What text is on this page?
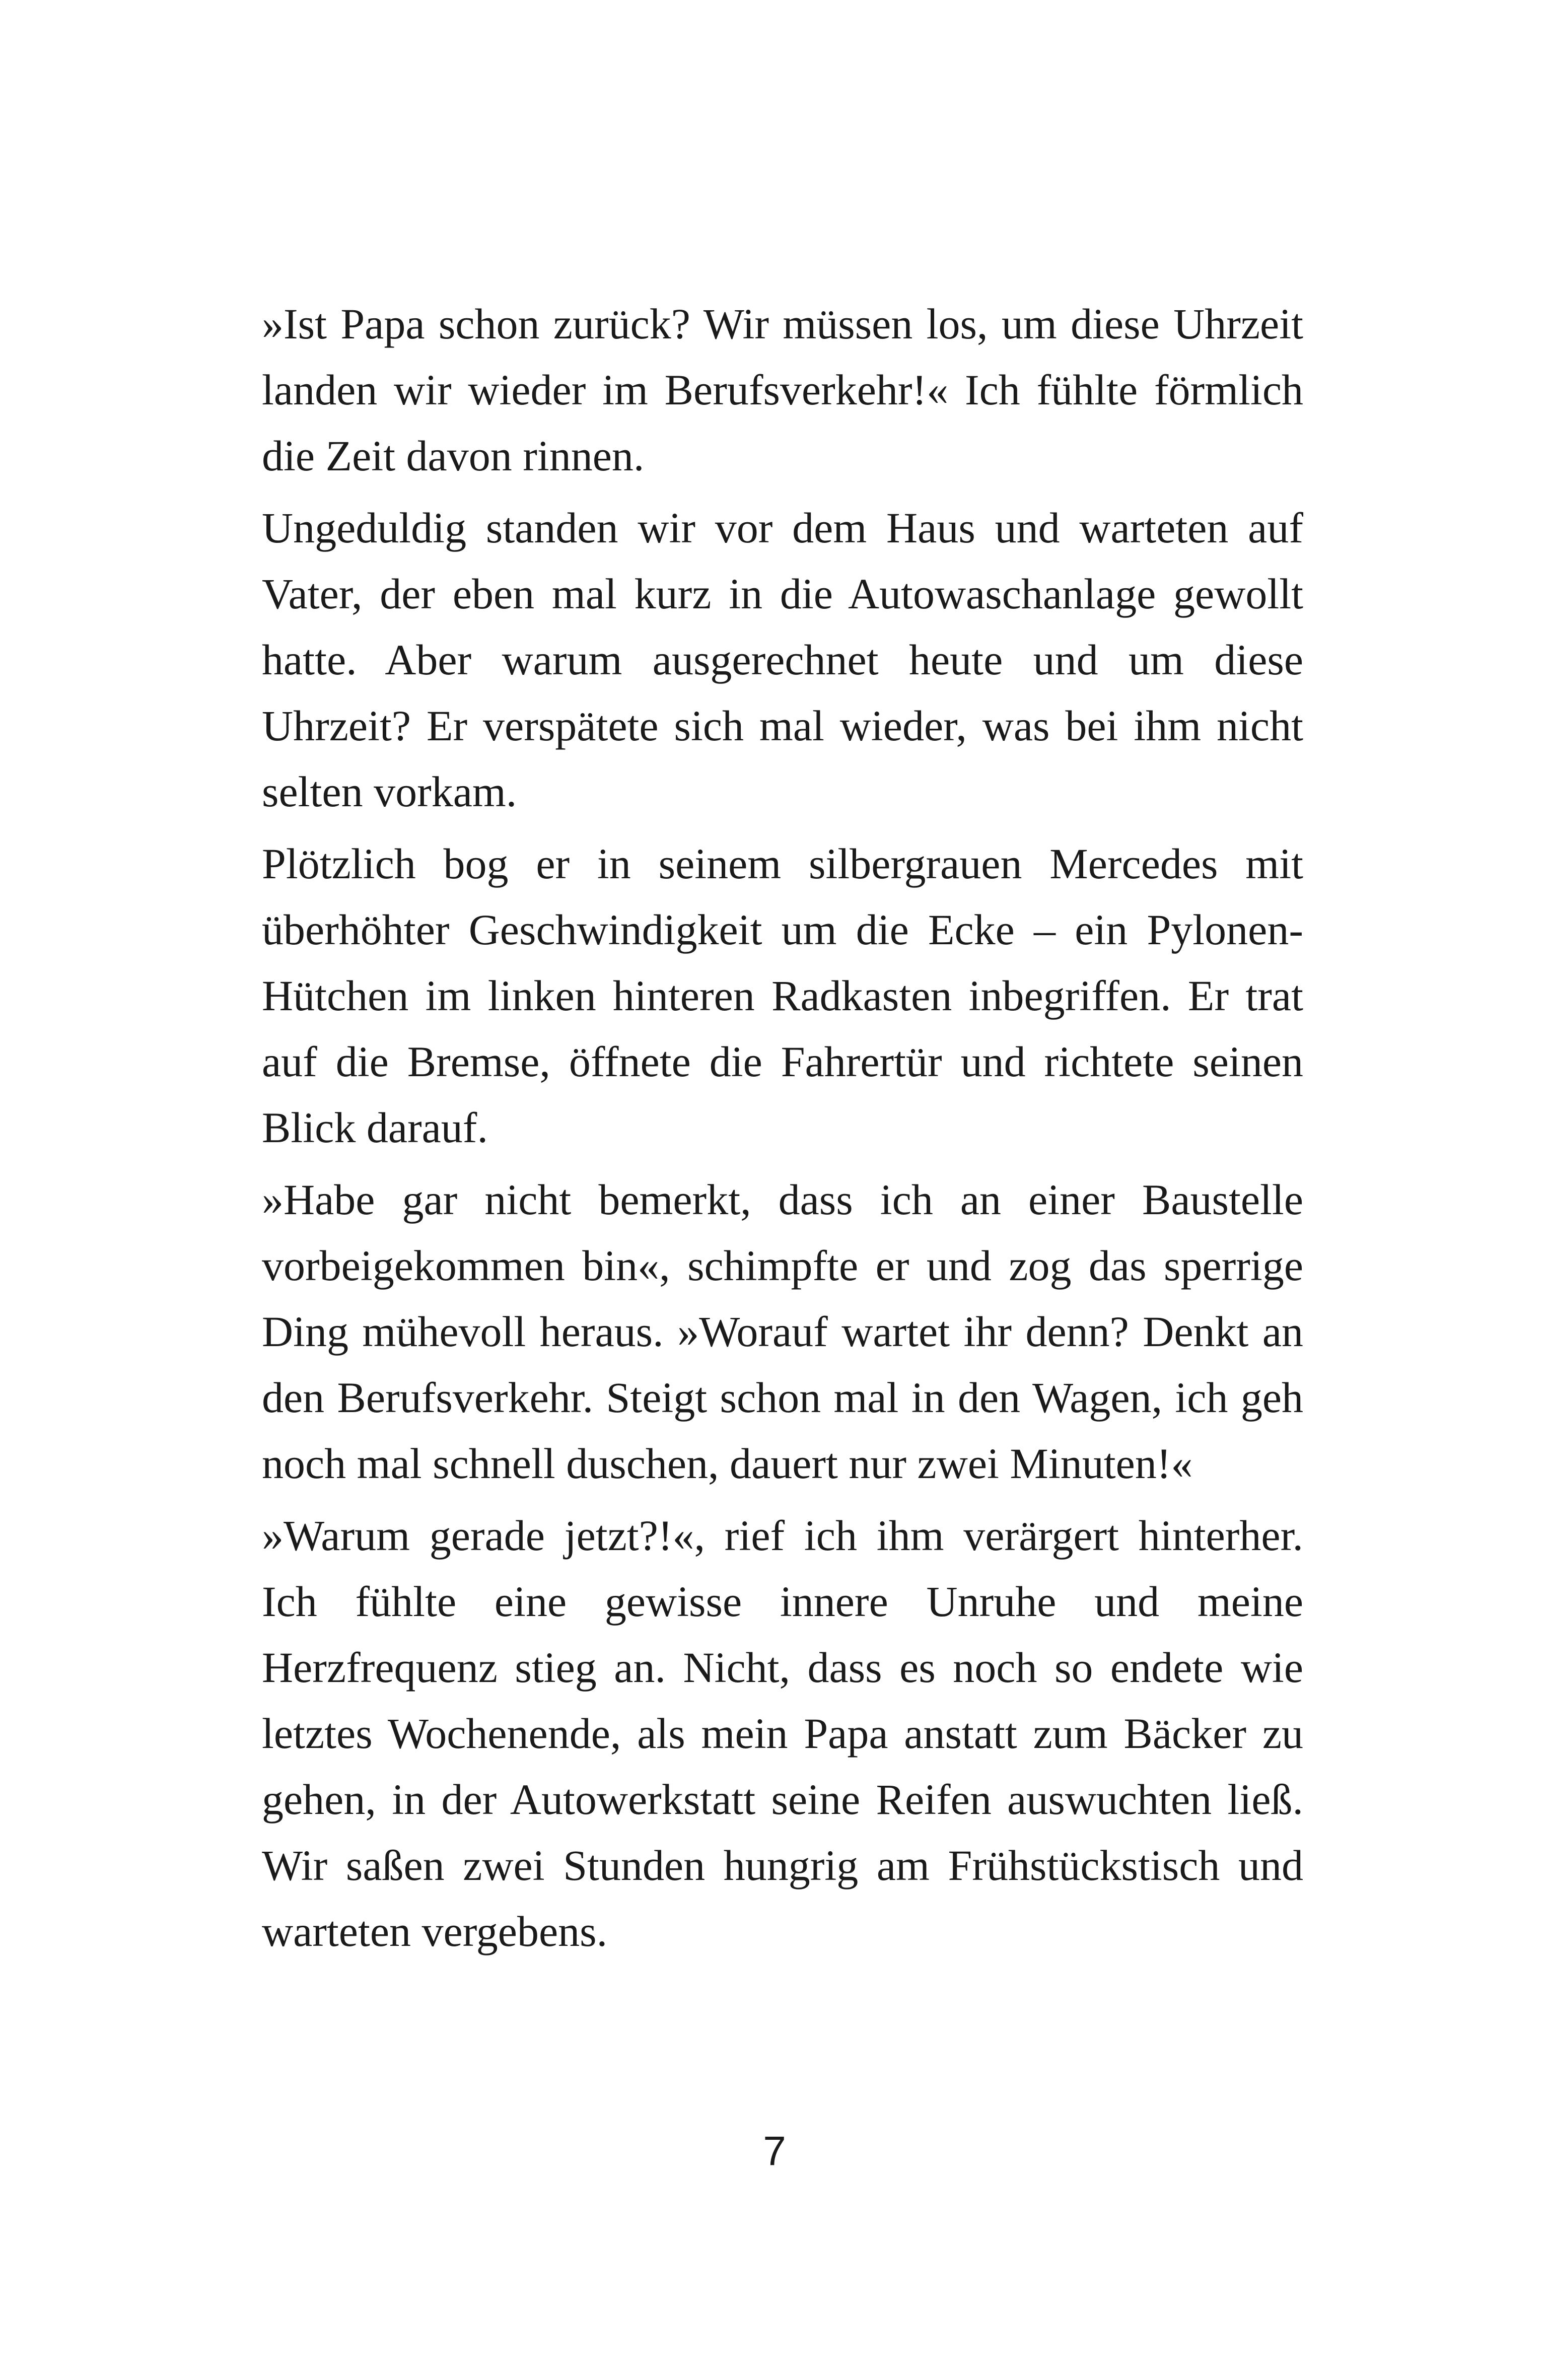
»Ist Papa schon zurück? Wir müssen los, um diese Uhrzeit landen wir wieder im Berufsverkehr!« Ich fühlte förmlich die Zeit davon rinnen.

Ungeduldig standen wir vor dem Haus und warteten auf Vater, der eben mal kurz in die Autowaschanlage gewollt hatte. Aber warum ausgerechnet heute und um diese Uhrzeit? Er verspätete sich mal wieder, was bei ihm nicht selten vorkam.

Plötzlich bog er in seinem silbergrauen Mercedes mit überhöhter Geschwindigkeit um die Ecke – ein Pylonen-Hütchen im linken hinteren Radkasten inbegriffen. Er trat auf die Bremse, öffnete die Fahrertür und richtete seinen Blick darauf.

»Habe gar nicht bemerkt, dass ich an einer Baustelle vorbeigekommen bin«, schimpfte er und zog das sperrige Ding mühevoll heraus. »Worauf wartet ihr denn? Denkt an den Berufsverkehr. Steigt schon mal in den Wagen, ich geh noch mal schnell duschen, dauert nur zwei Minuten!«

»Warum gerade jetzt?!«, rief ich ihm verärgert hinterher. Ich fühlte eine gewisse innere Unruhe und meine Herzfrequenz stieg an. Nicht, dass es noch so endete wie letztes Wochenende, als mein Papa anstatt zum Bäcker zu gehen, in der Autowerkstatt seine Reifen auswuchten ließ. Wir saßen zwei Stunden hungrig am Frühstückstisch und warteten vergebens.

7
